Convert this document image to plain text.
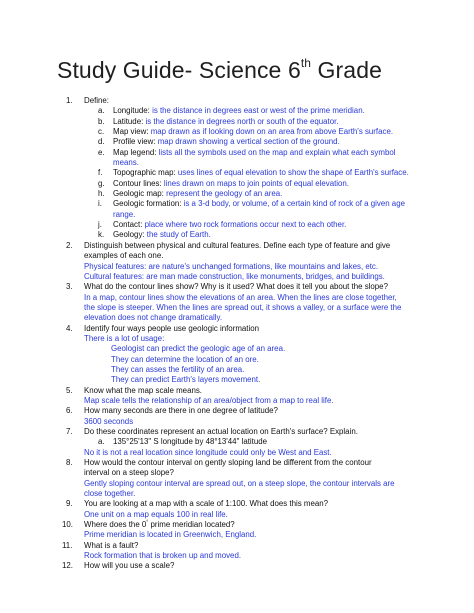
Study Guide- Science 6th Grade
1.	Define:
a.	Longitude: is the distance in degrees east or west of the prime meridian.
b.	Latitude: is the distance in degrees north or south of the equator.
c.	Map view: map drawn as if looking down on an area from above Earth's surface.
d.	Profile view: map drawn showing a vertical section of the ground.
e.	Map legend: lists all the symbols used on the map and explain what each symbol
means.
f.	Topographic map: uses lines of equal elevation to show the shape of Earth's surface.
g.	Contour lines: lines drawn on maps to join points of equal elevation.
h.	Geologic map: represent the geology of an area.
i.	Geologic formation: is a 3-d body, or volume, of a certain kind of rock of a given age
range.
j.	Contact: place where two rock formations occur next to each other.
k.	Geology: the study of Earth.
2.	Distinguish between physical and cultural features. Define each type of feature and give
examples of each one.
Physical features: are nature's unchanged formations, like mountains and lakes, etc.
Cultural features: are man made construction, like monuments, bridges, and buildings.
3.	What do the contour lines show? Why is it used? What does it tell you about the slope?
In a map, contour lines show the elevations of an area. When the lines are close together,
the slope is steeper. When the lines are spread out, it shows a valley, or a surface were the
elevation does not change dramatically.
4.	Identify four ways people use geologic information
There is a lot of usage:
Geologist can predict the geologic age of an area.
They can determine the location of an ore.
They can asses the fertility of an area.
They can predict Earth's layers movement.
5.	Know what the map scale means.
Map scale tells the relationship of an area/object from a map to real life.
6.	How many seconds are there in one degree of latitude?
3600 seconds
7.	Do these coordinates represent an actual location on Earth's surface? Explain.
a.	135°25'13" S longitude by 48°13'44" latitude
No it is not a real location since longitude could only be West and East.
8.	How would the contour interval on gently sloping land be different from the contour
interval on a steep slope?
Gently sloping contour interval are spread out, on a steep slope, the contour intervals are
close together.
9.	You are looking at a map with a scale of 1:100. What does this mean?
One unit on a map equals 100 in real life.
10.	Where does the 0° prime meridian located?
Prime meridian is located in Greenwich, England.
11.	What is a fault?
Rock formation that is broken up and moved.
12.	How will you use a scale?
